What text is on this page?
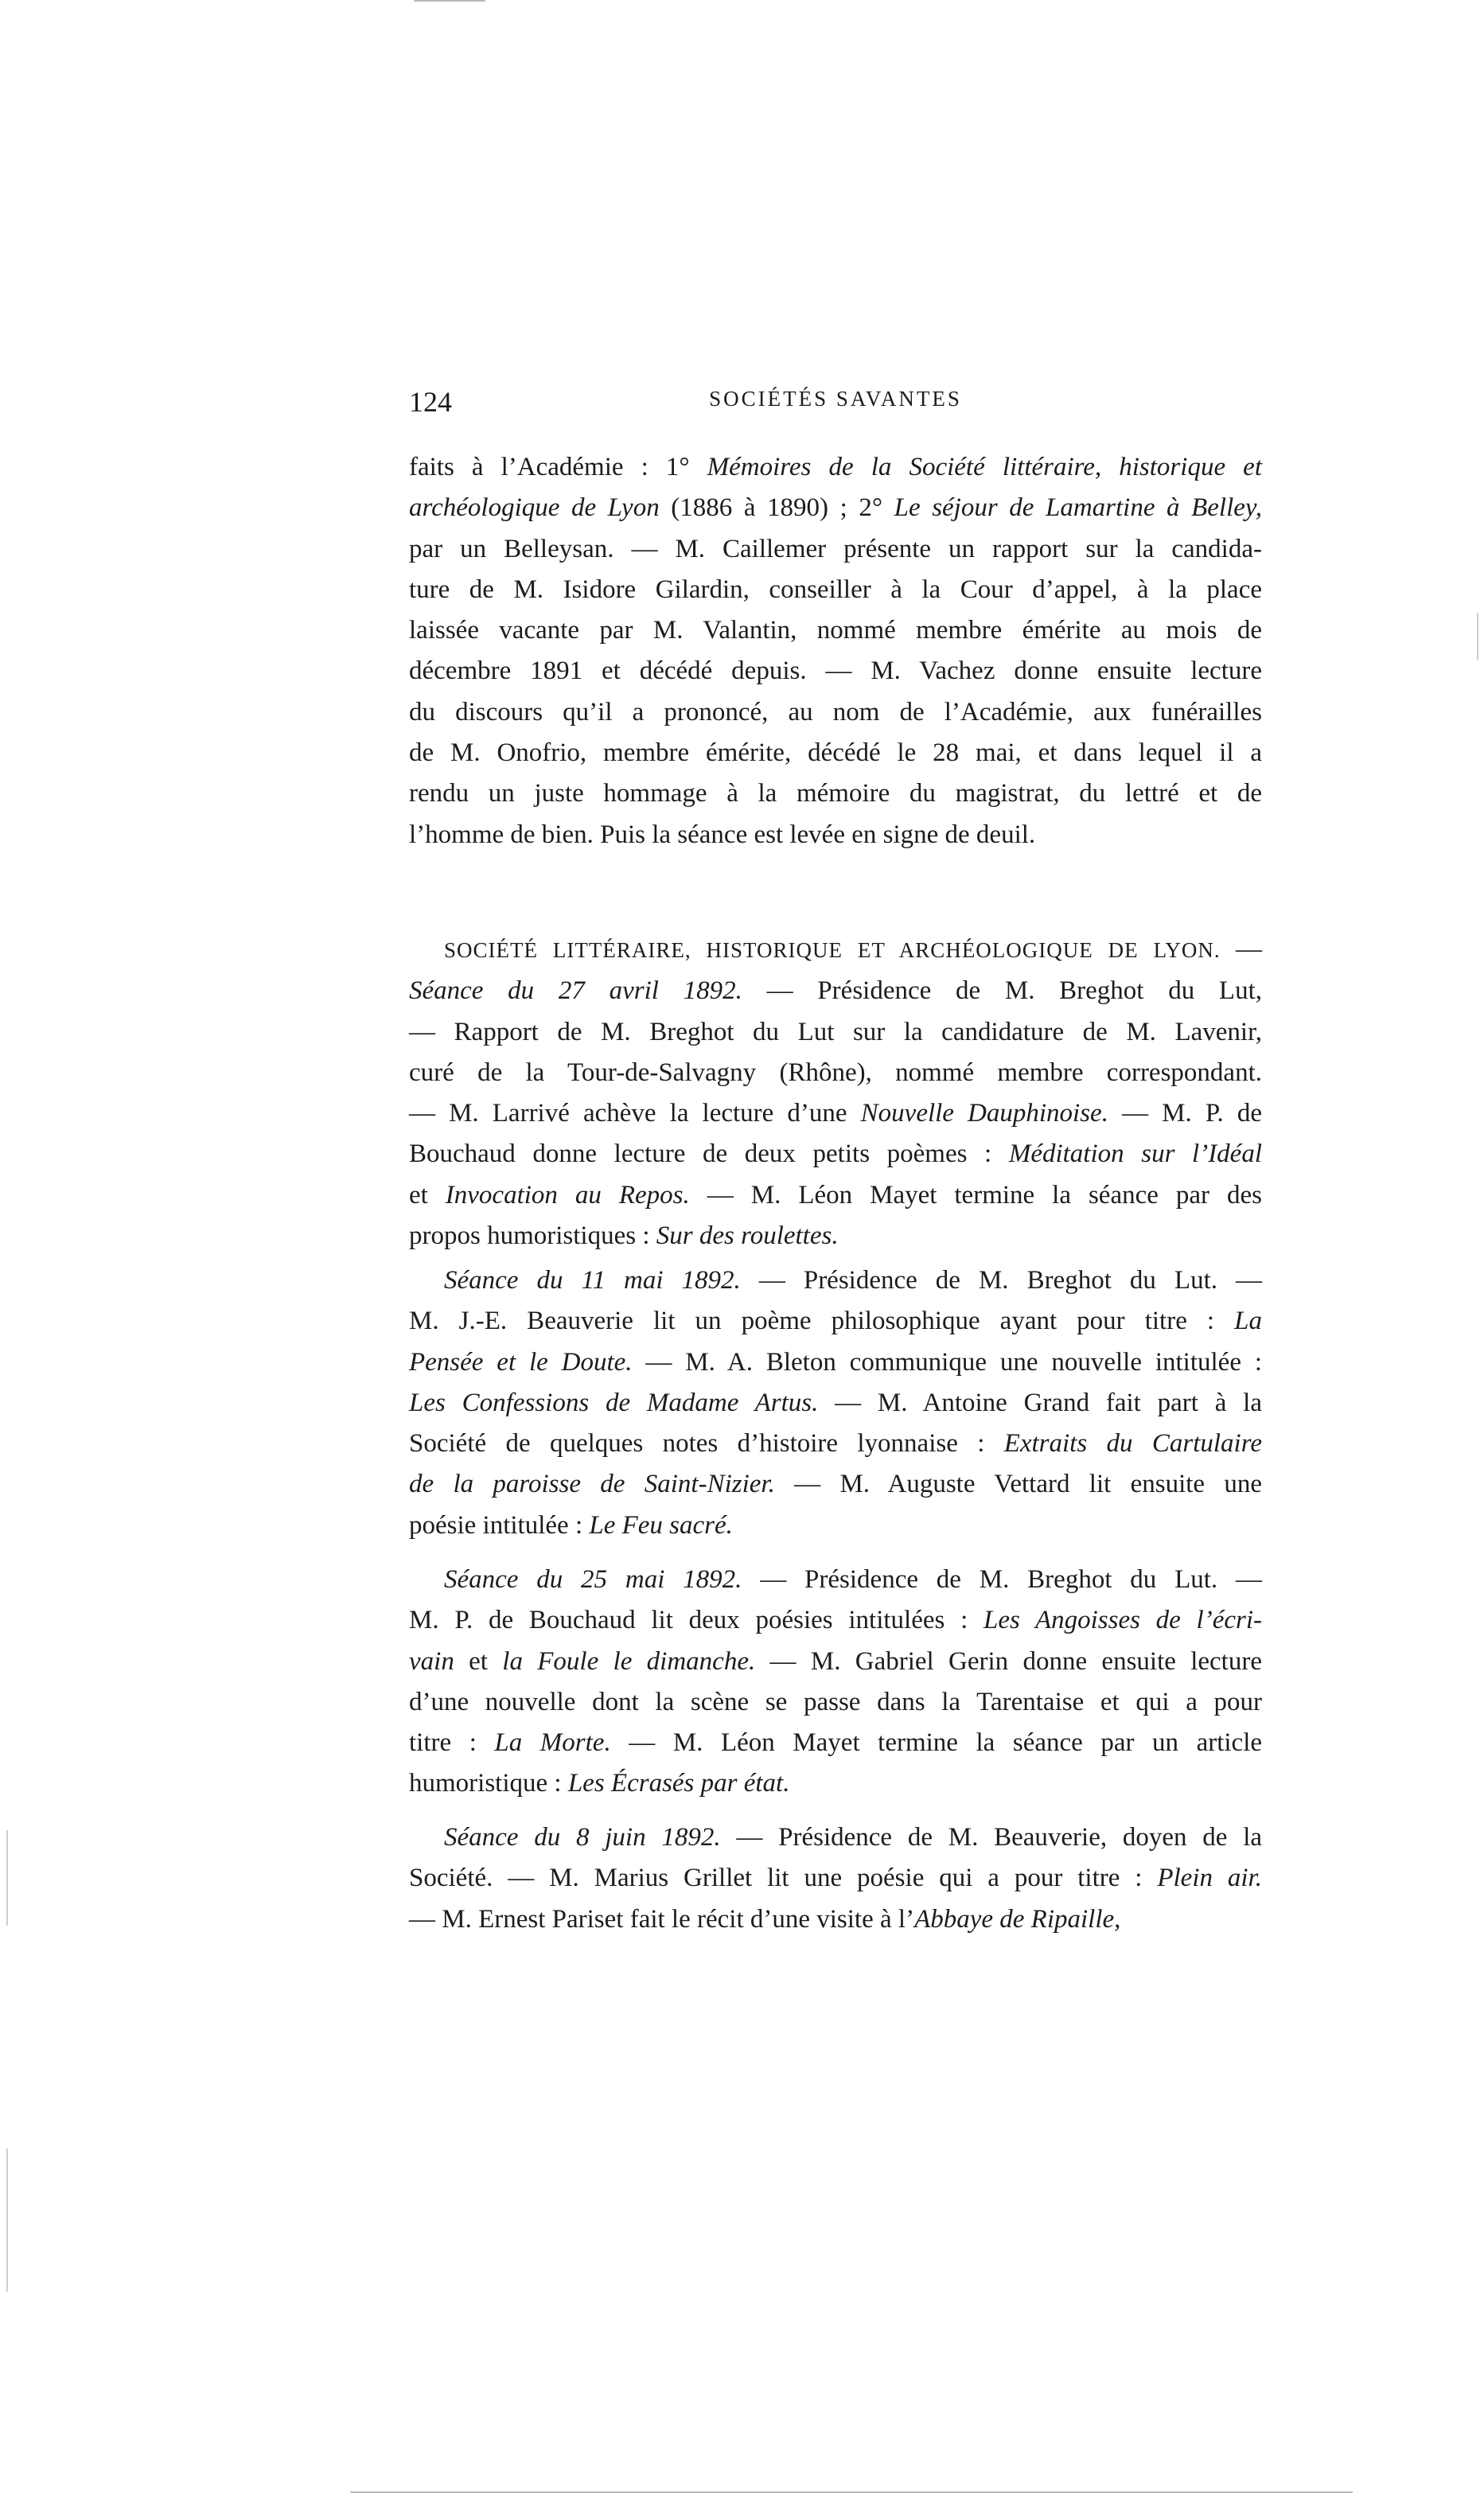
124	SOCIÉTÉS SAVANTES
faits à l’Académie : 1° Mémoires de la Société littéraire, historique et
archéologique de Lyon (1886 à 1890) ; 2° Le séjour de Lamartine à Belley,
par un Belleysan. — M. Caillemer présente un rapport sur la candida-
ture de M. Isidore Gilardin, conseiller à la Cour d’appel, à la place
laissée vacante par M. Valantin, nommé membre émérite au mois de
décembre 1891 et décédé depuis. — M. Vachez donne ensuite lecture
du discours qu’il a prononcé, au nom de l’Académie, aux funérailles
de M. Onofrio, membre émérite, décédé le 28 mai, et dans lequel il a
rendu un juste hommage à la mémoire du magistrat, du lettré et de
l’homme de bien. Puis la séance est levée en signe de deuil.
SOCIÉTÉ LITTÉRAIRE, HISTORIQUE ET ARCHÉOLOGIQUE DE LYON. —
Séance du 27 avril 1892. — Présidence de M. Breghot du Lut,
— Rapport de M. Breghot du Lut sur la candidature de M. Lavenir,
curé de la Tour-de-Salvagny (Rhône), nommé membre correspondant.
— M. Larrivé achève la lecture d’une Nouvelle Dauphinoise. — M. P. de
Bouchaud donne lecture de deux petits poèmes : Méditation sur l’Idéal
et Invocation au Repos. — M. Léon Mayet termine la séance par des
propos humoristiques : Sur des roulettes.
Séance du 11 mai 1892. — Présidence de M. Breghot du Lut. —
M. J.-E. Beauverie lit un poème philosophique ayant pour titre : La
Pensée et le Doute. — M. A. Bleton communique une nouvelle intitulée :
Les Confessions de Madame Artus. — M. Antoine Grand fait part à la
Société de quelques notes d’histoire lyonnaise : Extraits du Cartulaire
de la paroisse de Saint-Nizier. — M. Auguste Vettard lit ensuite une
poésie intitulée : Le Feu sacré.
Séance du 25 mai 1892. — Présidence de M. Breghot du Lut. —
M. P. de Bouchaud lit deux poésies intitulées : Les Angoisses de l’écri-
vain et la Foule le dimanche. — M. Gabriel Gerin donne ensuite lecture
d’une nouvelle dont la scène se passe dans la Tarentaise et qui a pour
titre : La Morte. — M. Léon Mayet termine la séance par un article
humoristique : Les Écrasés par état.
Séance du 8 juin 1892. — Présidence de M. Beauverie, doyen de la
Société. — M. Marius Grillet lit une poésie qui a pour titre : Plein air.
— M. Ernest Pariset fait le récit d’une visite à l’Abbaye de Ripaille,
